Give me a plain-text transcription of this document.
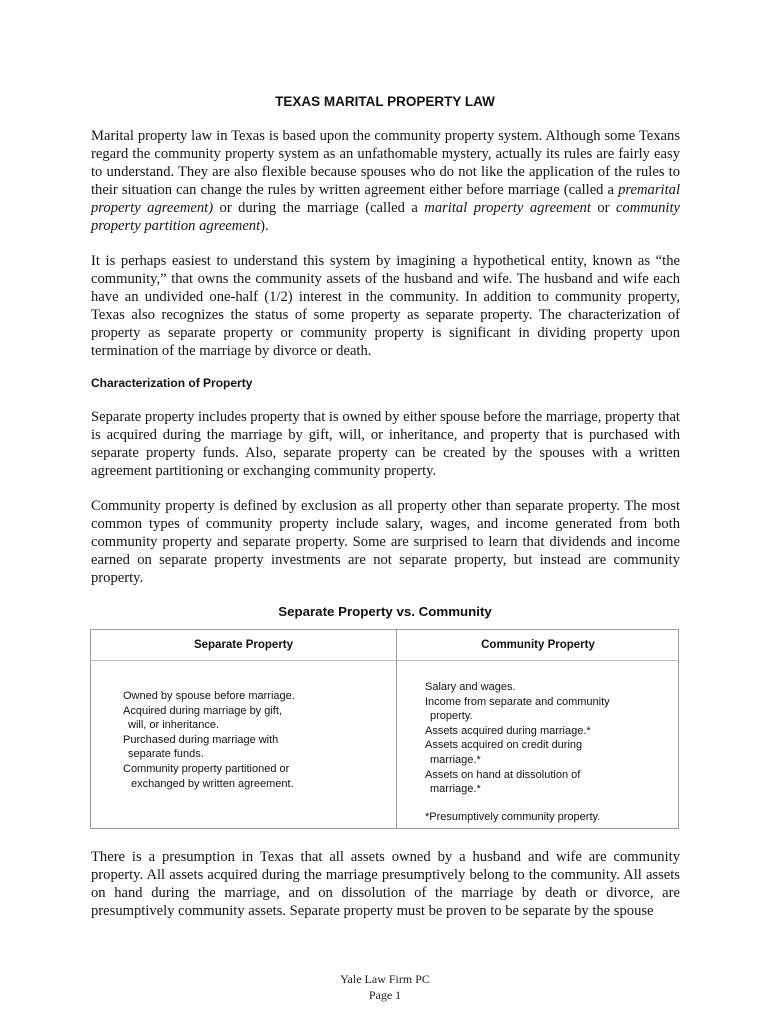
TEXAS MARITAL PROPERTY LAW

Marital property law in Texas is based upon the community property system. Although some Texans regard the community property system as an unfathomable mystery, actually its rules are fairly easy to understand. They are also flexible because spouses who do not like the application of the rules to their situation can change the rules by written agreement either before marriage (called a premarital property agreement) or during the marriage (called a marital property agreement or community property partition agreement).

It is perhaps easiest to understand this system by imagining a hypothetical entity, known as “the community,” that owns the community assets of the husband and wife. The husband and wife each have an undivided one-half (1/2) interest in the community. In addition to community property, Texas also recognizes the status of some property as separate property. The characterization of property as separate property or community property is significant in dividing property upon termination of the marriage by divorce or death.

Characterization of Property

Separate property includes property that is owned by either spouse before the marriage, property that is acquired during the marriage by gift, will, or inheritance, and property that is purchased with separate property funds. Also, separate property can be created by the spouses with a written agreement partitioning or exchanging community property.

Community property is defined by exclusion as all property other than separate property. The most common types of community property include salary, wages, and income generated from both community property and separate property. Some are surprised to learn that dividends and income earned on separate property investments are not separate property, but instead are community property.

Separate Property vs. Community
Separate Property	Community Property
Owned by spouse before marriage.
Acquired during marriage by gift,
will, or inheritance.
Purchased during marriage with
separate funds.
Community property partitioned or
exchanged by written agreement.
Salary and wages.
Income from separate and community
property.
Assets acquired during marriage.*
Assets acquired on credit during
marriage.*
Assets on hand at dissolution of
marriage.*
*Presumptively community property.

There is a presumption in Texas that all assets owned by a husband and wife are community property. All assets acquired during the marriage presumptively belong to the community. All assets on hand during the marriage, and on dissolution of the marriage by death or divorce, are presumptively community assets. Separate property must be proven to be separate by the spouse

Yale Law Firm PC
Page 1
